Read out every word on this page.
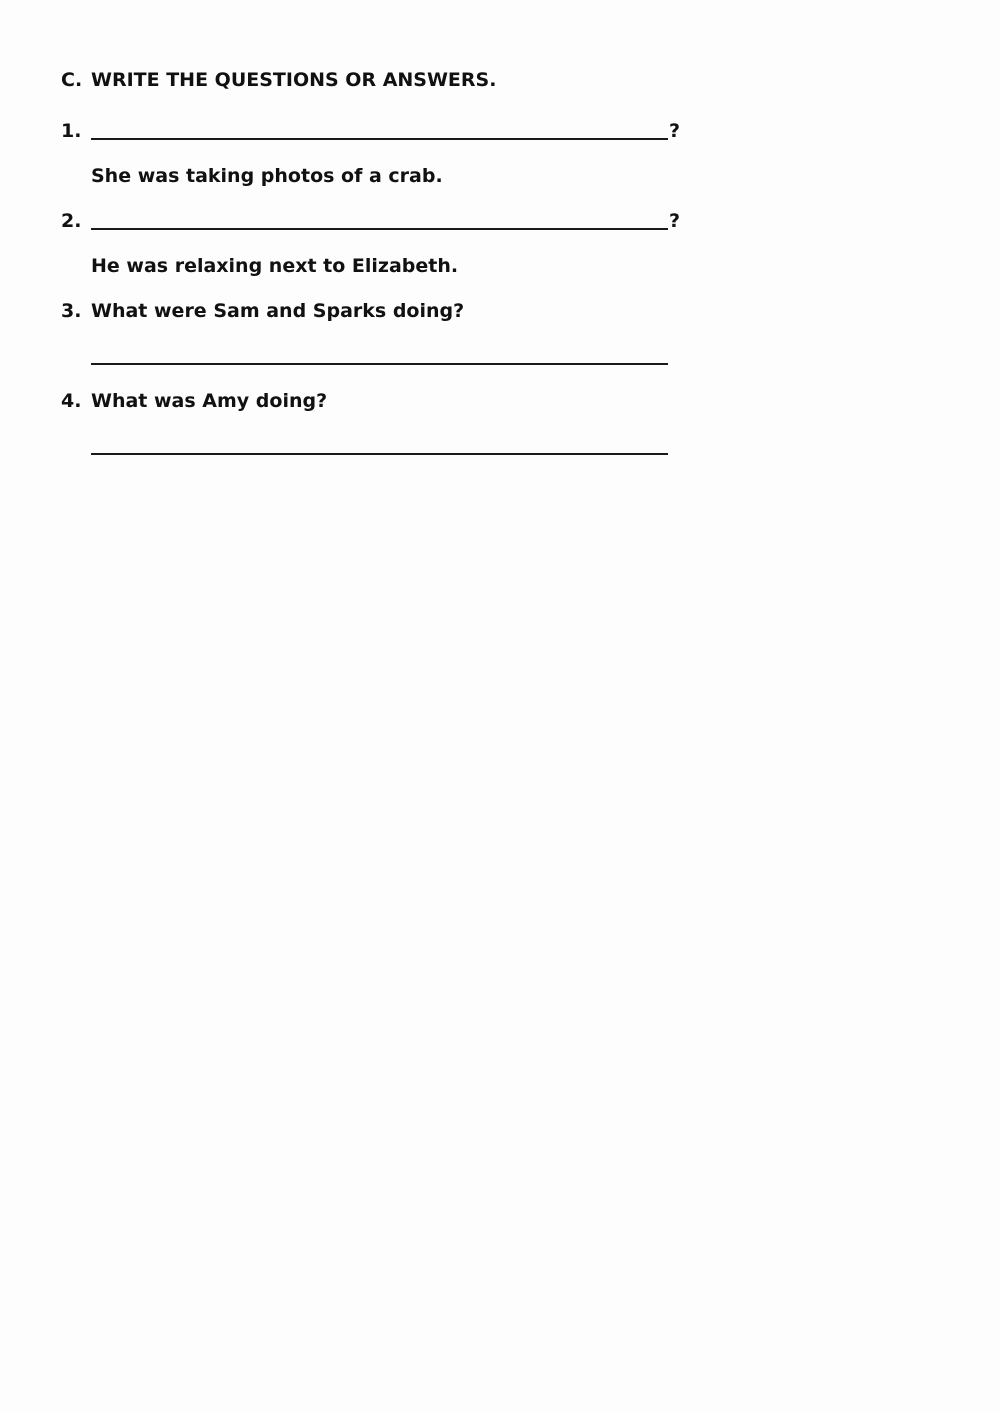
C. WRITE THE QUESTIONS OR ANSWERS.
1.	?
She was taking photos of a crab.
2.	?
He was relaxing next to Elizabeth.
3. What were Sam and Sparks doing?
4. What was Amy doing?
